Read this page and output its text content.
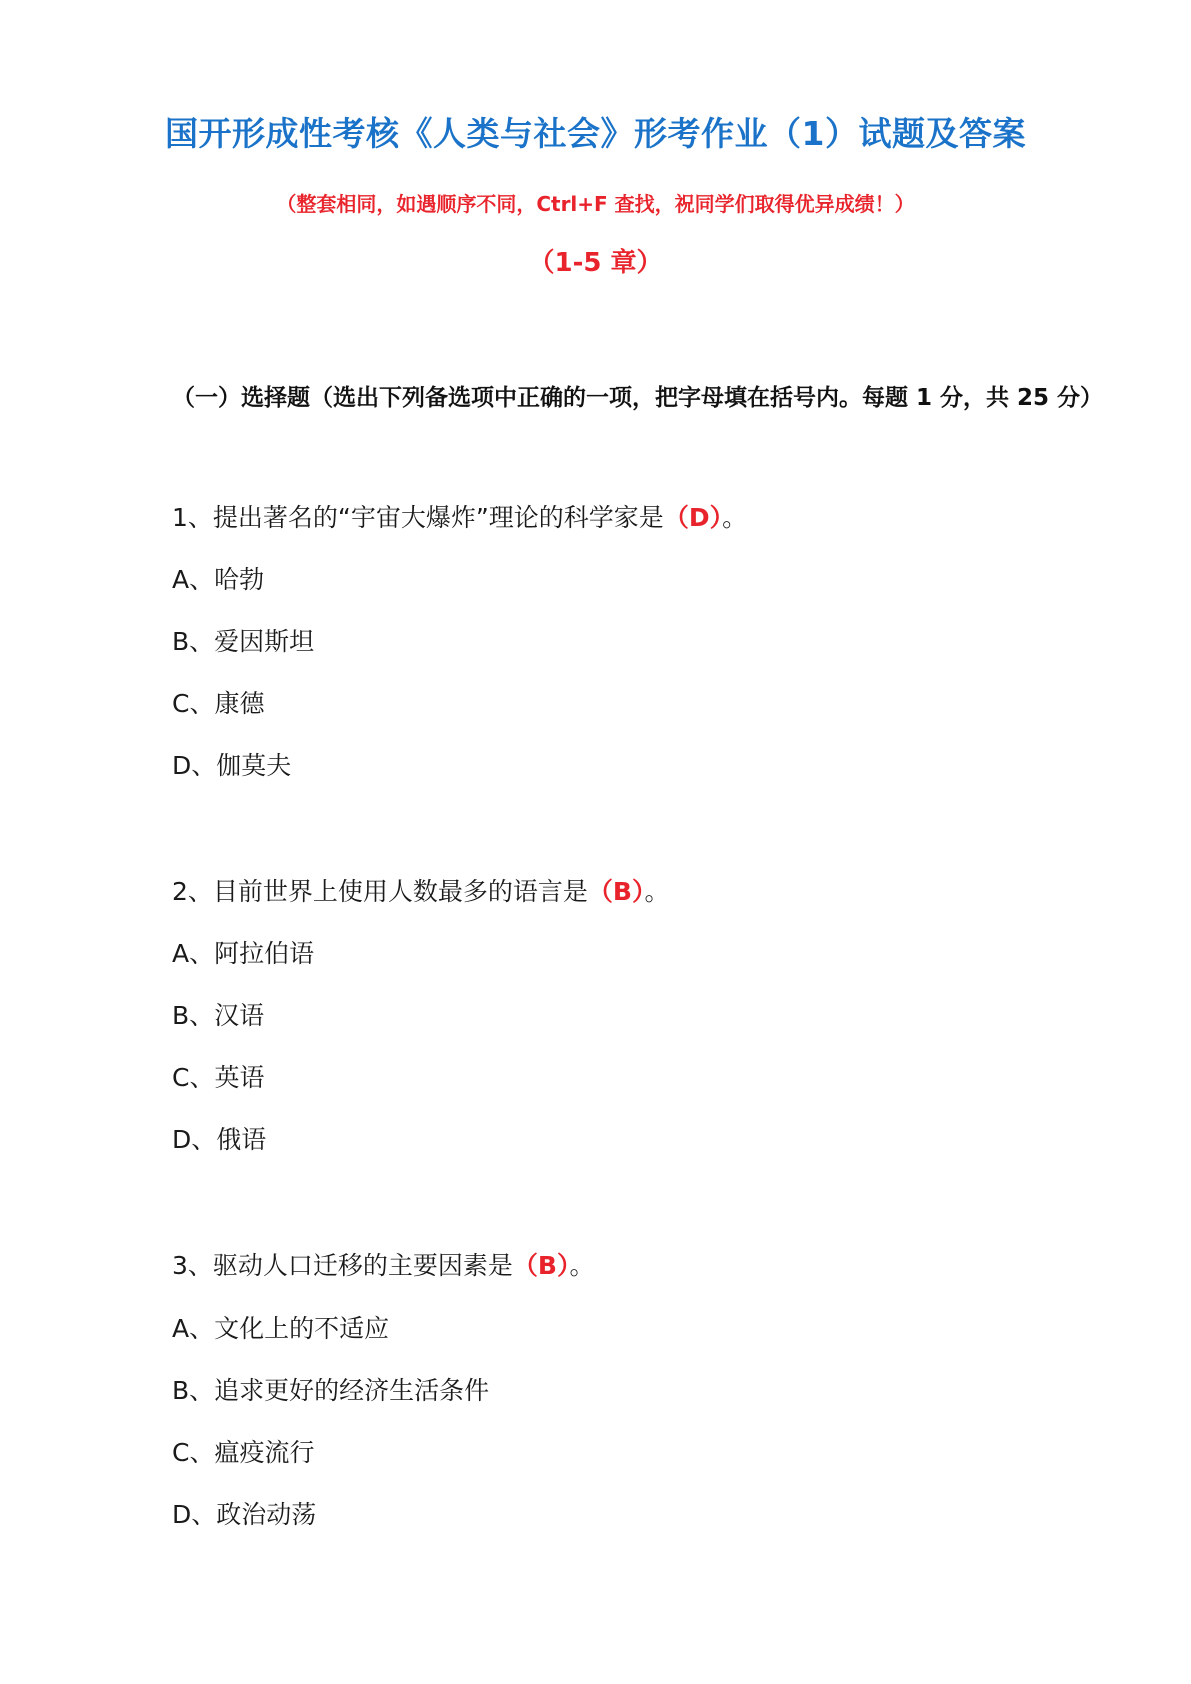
国开形成性考核《人类与社会》形考作业（1）试题及答案

（整套相同，如遇顺序不同，Ctrl+F 查找，祝同学们取得优异成绩！）

（1-5 章）

（一）选择题（选出下列备选项中正确的一项，把字母填在括号内。每题 1 分，共 25 分）

1、提出著名的“宇宙大爆炸”理论的科学家是（D）。

A、哈勃

B、爱因斯坦

C、康德

D、伽莫夫

2、目前世界上使用人数最多的语言是（B）。

A、阿拉伯语

B、汉语

C、英语

D、俄语

3、驱动人口迁移的主要因素是（B）。

A、文化上的不适应

B、追求更好的经济生活条件

C、瘟疫流行

D、政治动荡
